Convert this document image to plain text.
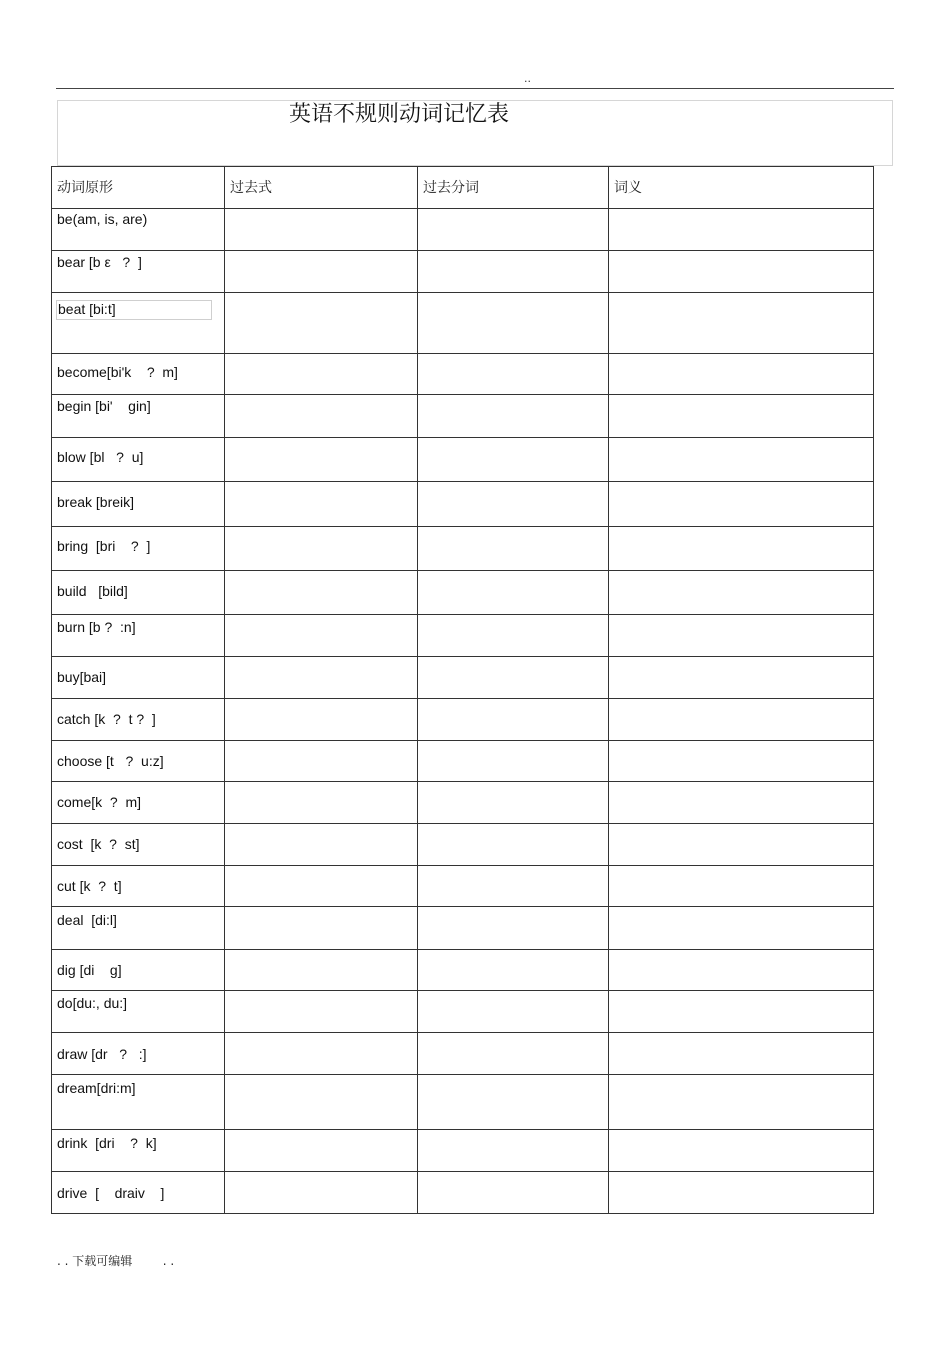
..
英语不规则动词记忆表
动词原形	过去式	过去分词	词义

be(am, is, are)			

bear [b ε   ?  ]			

beat [bi:t]			

become[bi'k    ?  m]			

begin [bi'    gin]			

blow [bl   ?  u]			

break [breik]			

bring  [bri    ?  ]			

build   [bild]			

burn [b ?  :n]			

buy[bai]			

catch [k  ?  t ?  ]			

choose [t   ?  u:z]			

come[k  ?  m]			

cost  [k  ?  st]			

cut [k  ?  t]			

deal  [di:l]			

dig [di    g]			

do[du:, du:]			

draw [dr   ?   :]			

dream[dri:m]			

drink  [dri    ?  k]			

drive  [    draiv    ]			

. . 下载可编辑        . .
